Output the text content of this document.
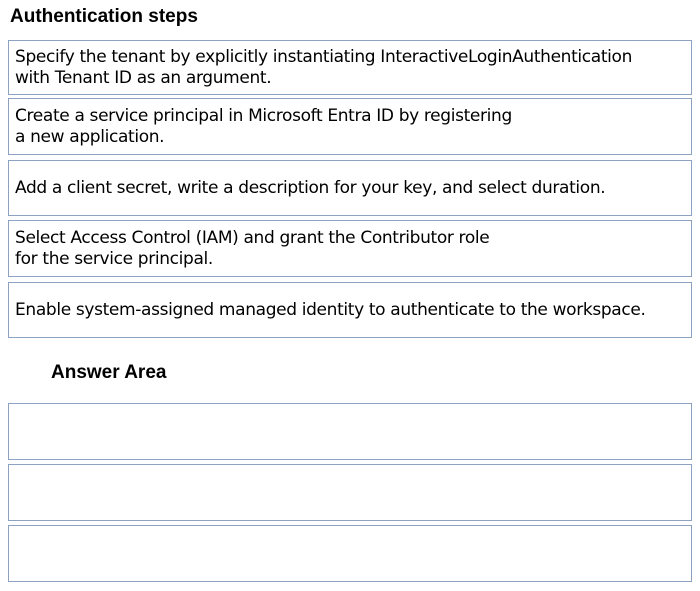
Authentication steps
Specify the tenant by explicitly instantiating InteractiveLoginAuthentication
with Tenant ID as an argument.
Create a service principal in Microsoft Entra ID by registering
a new application.
Add a client secret, write a description for your key, and select duration.
Select Access Control (IAM) and grant the Contributor role
for the service principal.
Enable system-assigned managed identity to authenticate to the workspace.
Answer Area
